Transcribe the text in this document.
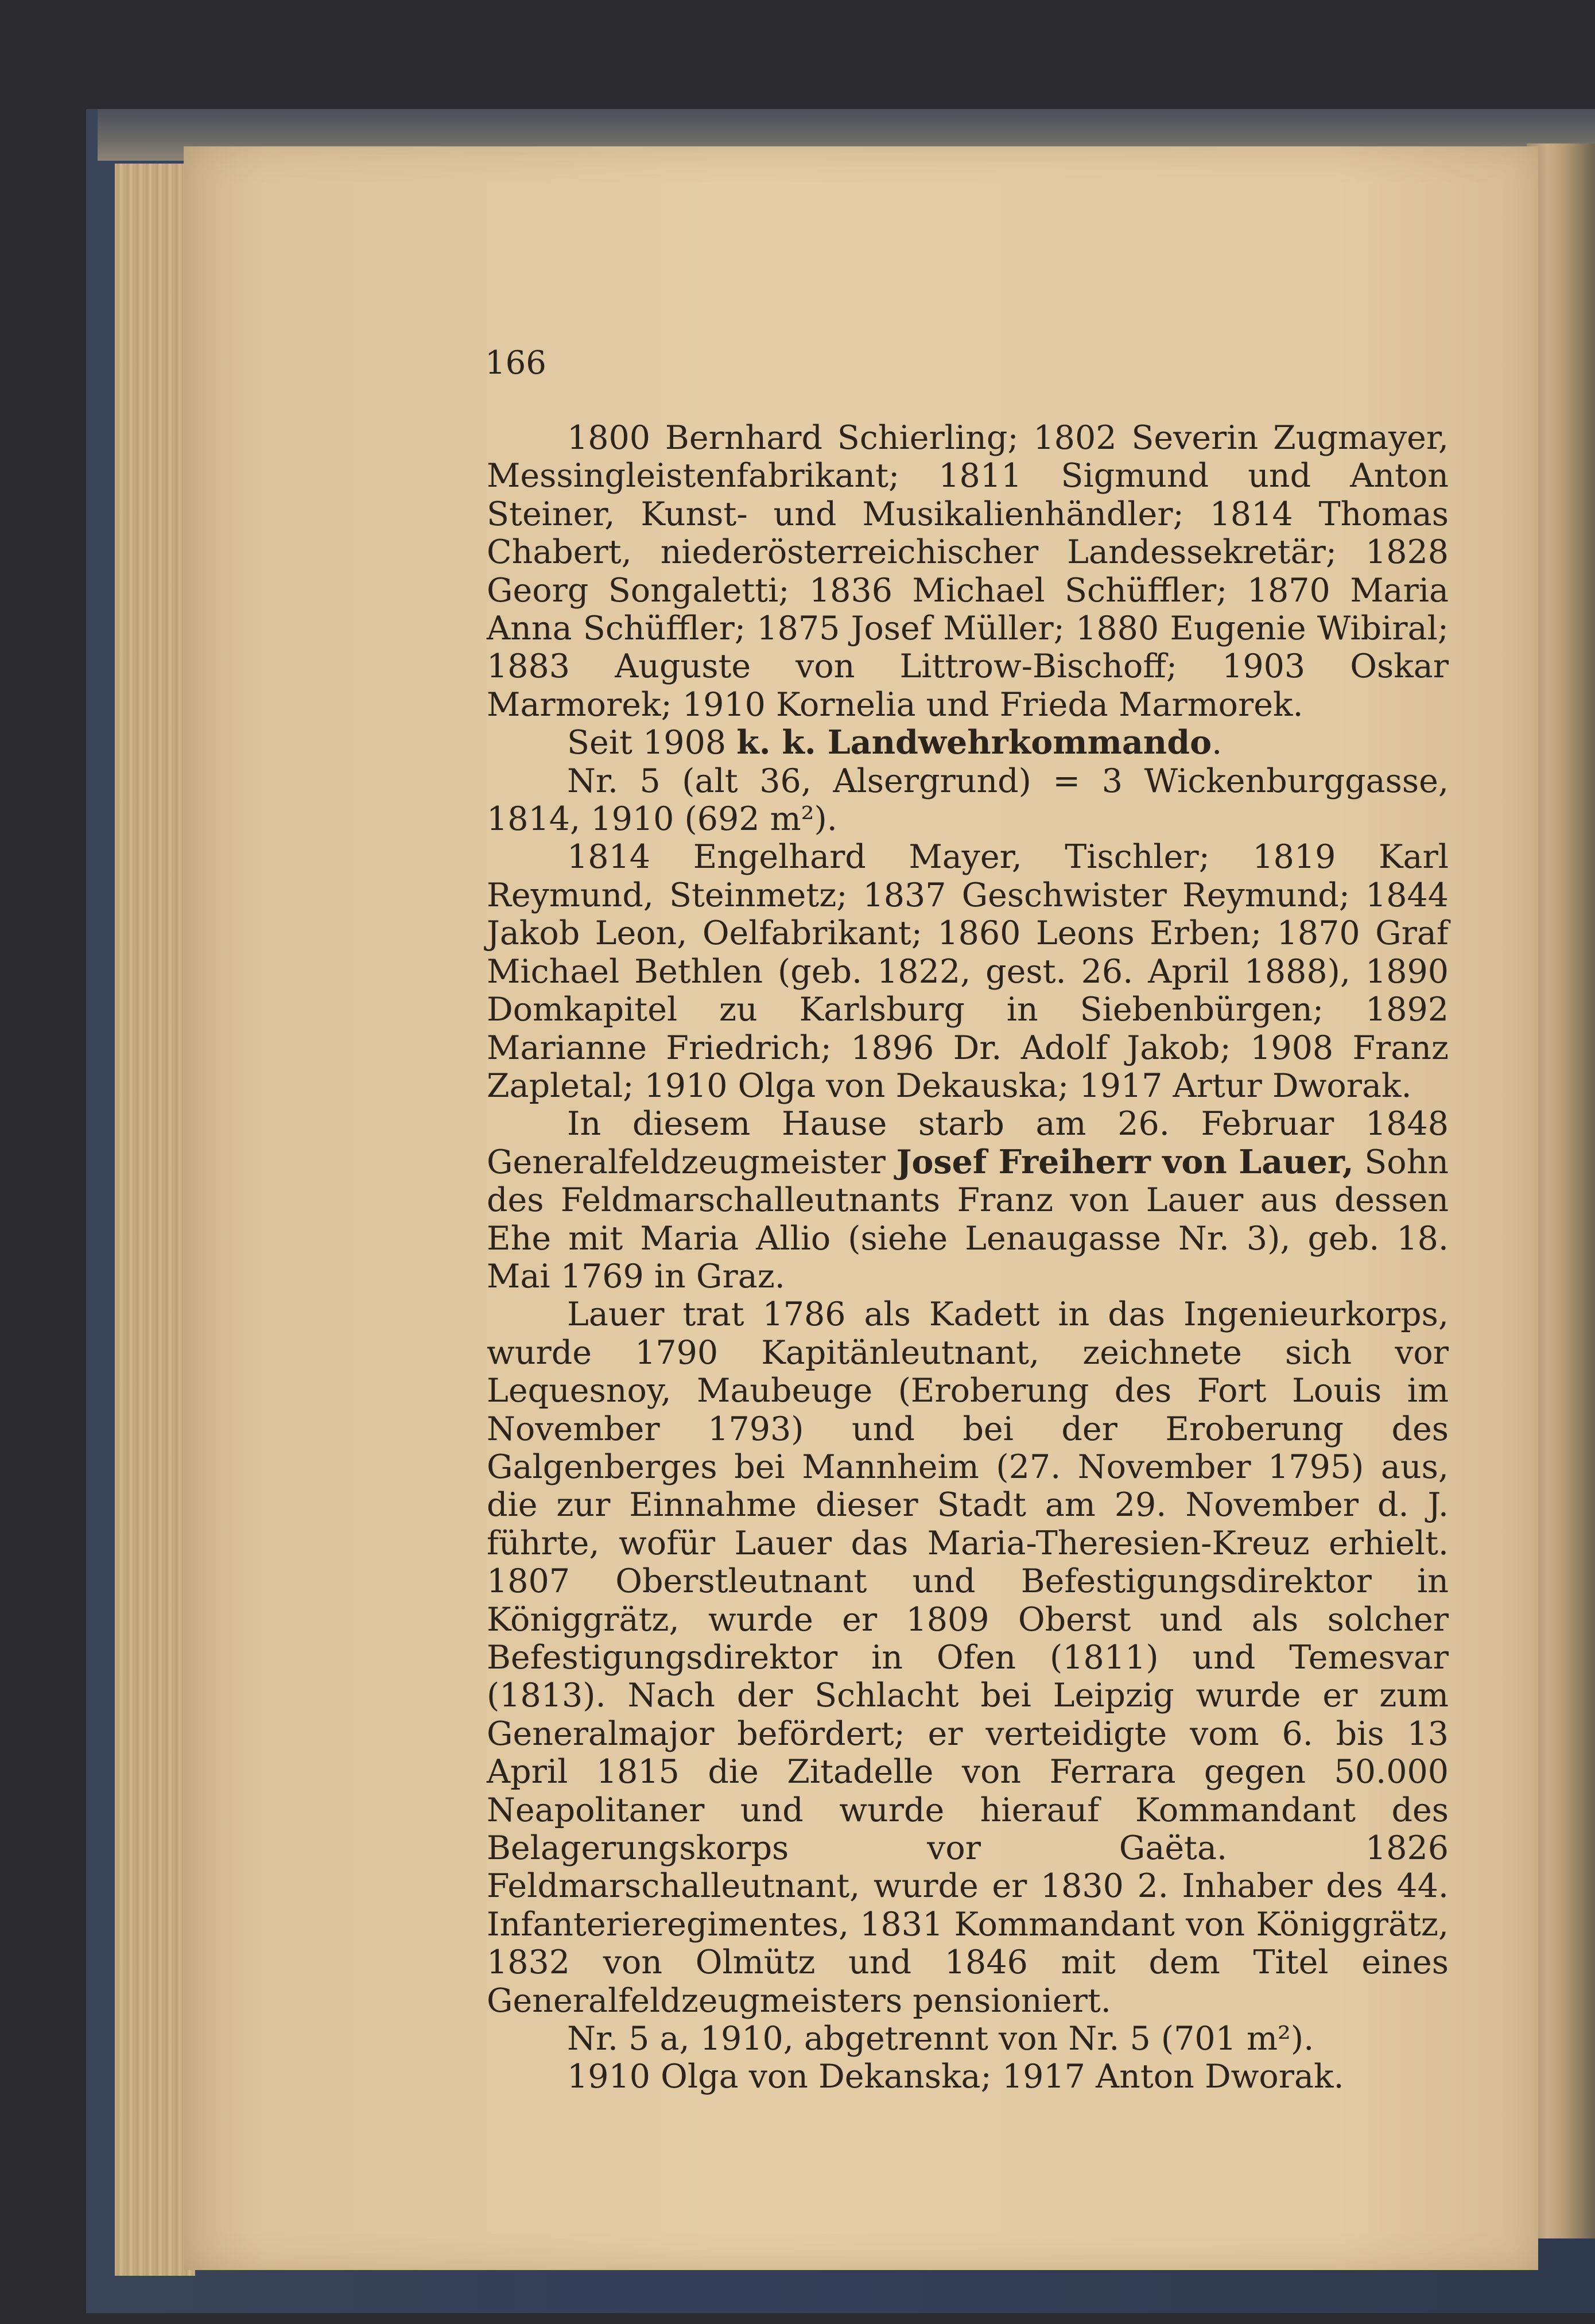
166

1800 Bernhard Schierling; 1802 Severin Zugmayer, Messingleistenfabrikant; 1811 Sigmund und Anton Steiner, Kunst- und Musikalienhändler; 1814 Thomas Chabert, niederösterreichischer Landessekretär; 1828 Georg Songaletti; 1836 Michael Schüffler; 1870 Maria Anna Schüffler; 1875 Josef Müller; 1880 Eugenie Wibiral; 1883 Auguste von Littrow-Bischoff; 1903 Oskar Marmorek; 1910 Kornelia und Frieda Marmorek.

Seit 1908 k. k. Landwehrkommando.

Nr. 5 (alt 36, Alsergrund) = 3 Wickenburggasse, 1814, 1910 (692 m²).

1814 Engelhard Mayer, Tischler; 1819 Karl Reymund, Steinmetz; 1837 Geschwister Reymund; 1844 Jakob Leon, Oelfabrikant; 1860 Leons Erben; 1870 Graf Michael Bethlen (geb. 1822, gest. 26. April 1888), 1890 Domkapitel zu Karlsburg in Siebenbürgen; 1892 Marianne Friedrich; 1896 Dr. Adolf Jakob; 1908 Franz Zapletal; 1910 Olga von Dekauska; 1917 Artur Dworak.

In diesem Hause starb am 26. Februar 1848 Generalfeldzeugmeister Josef Freiherr von Lauer, Sohn des Feldmarschalleutnants Franz von Lauer aus dessen Ehe mit Maria Allio (siehe Lenaugasse Nr. 3), geb. 18. Mai 1769 in Graz.

Lauer trat 1786 als Kadett in das Ingenieurkorps, wurde 1790 Kapitänleutnant, zeichnete sich vor Lequesnoy, Maubeuge (Eroberung des Fort Louis im November 1793) und bei der Eroberung des Galgenberges bei Mannheim (27. November 1795) aus, die zur Einnahme dieser Stadt am 29. November d. J. führte, wofür Lauer das Maria-Theresien-Kreuz erhielt. 1807 Oberstleutnant und Befestigungsdirektor in Königgrätz, wurde er 1809 Oberst und als solcher Befestigungsdirektor in Ofen (1811) und Temesvar (1813). Nach der Schlacht bei Leipzig wurde er zum Generalmajor befördert; er verteidigte vom 6. bis 13 April 1815 die Zitadelle von Ferrara gegen 50.000 Neapolitaner und wurde hierauf Kommandant des Belagerungskorps vor Gaëta. 1826 Feldmarschalleutnant, wurde er 1830 2. Inhaber des 44. Infanterieregimentes, 1831 Kommandant von Königgrätz, 1832 von Olmütz und 1846 mit dem Titel eines Generalfeldzeugmeisters pensioniert.

Nr. 5 a, 1910, abgetrennt von Nr. 5 (701 m²).

1910 Olga von Dekanska; 1917 Anton Dworak.
